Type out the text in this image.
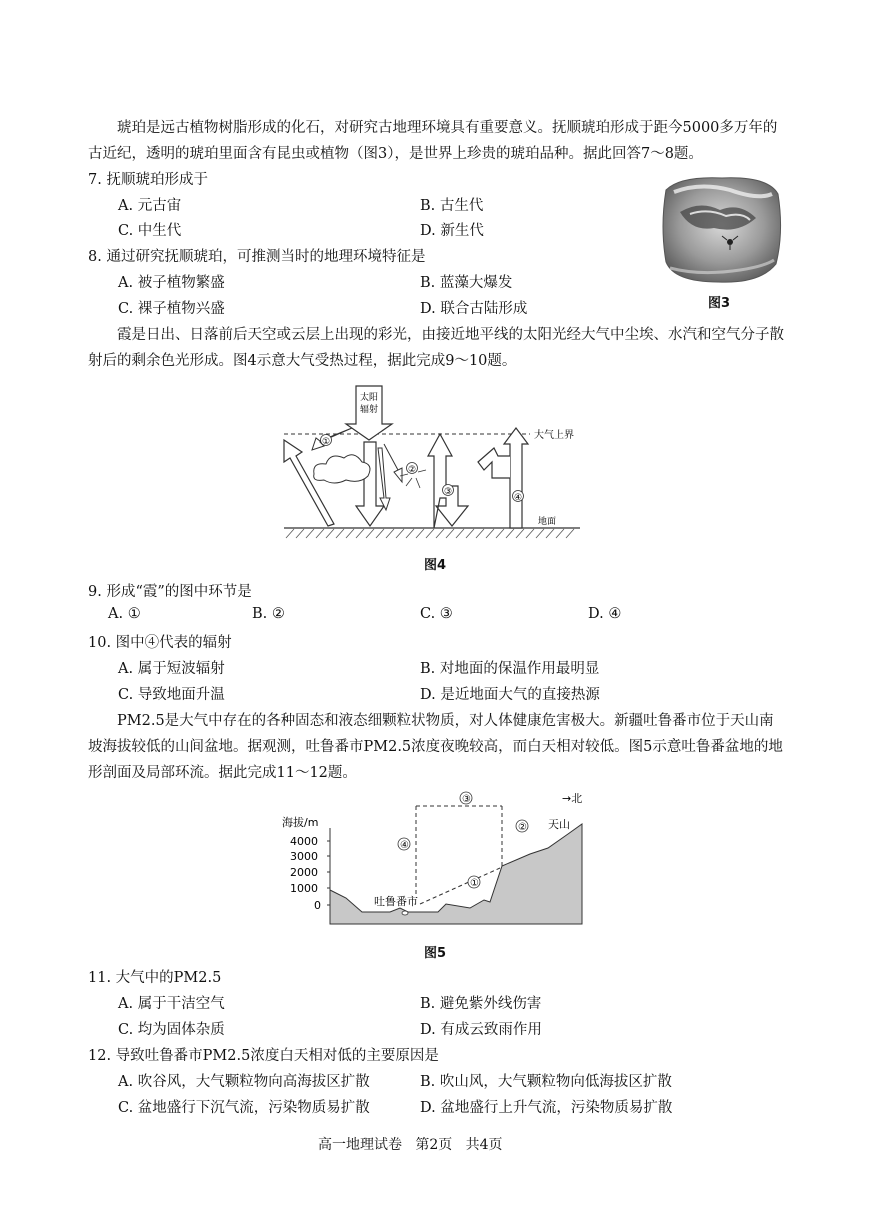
琥珀是远古植物树脂形成的化石，对研究古地理环境具有重要意义。抚顺琥珀形成于距今5000多万年的古近纪，透明的琥珀里面含有昆虫或植物（图3），是世界上珍贵的琥珀品种。据此回答7～8题。
7. 抚顺琥珀形成于
A. 元古宙	B. 古生代
C. 中生代	D. 新生代
8. 通过研究抚顺琥珀，可推测当时的地理环境特征是
A. 被子植物繁盛	B. 蓝藻大爆发
C. 裸子植物兴盛	D. 联合古陆形成	图3
霞是日出、日落前后天空或云层上出现的彩光，由接近地平线的太阳光经大气中尘埃、水汽和空气分子散射后的剩余色光形成。图4示意大气受热过程，据此完成9～10题。
大气上界
地面
太阳
辐射
①
②
③
④
图4
9. 形成“霞”的图中环节是
A. ①	B. ②	C. ③	D. ④
10. 图中④代表的辐射
A. 属于短波辐射	B. 对地面的保温作用最明显
C. 导致地面升温	D. 是近地面大气的直接热源
PM2.5是大气中存在的各种固态和液态细颗粒状物质，对人体健康危害极大。新疆吐鲁番市位于天山南坡海拔较低的山间盆地。据观测，吐鲁番市PM2.5浓度夜晚较高，而白天相对较低。图5示意吐鲁番盆地的地形剖面及局部环流。据此完成11～12题。
海拔/m
4000
3000
2000
1000
0	吐鲁番市
天山
→北
④
②
③
①
图5
11. 大气中的PM2.5
A. 属于干洁空气	B. 避免紫外线伤害
C. 均为固体杂质	D. 有成云致雨作用
12. 导致吐鲁番市PM2.5浓度白天相对低的主要原因是
A. 吹谷风，大气颗粒物向高海拔区扩散	B. 吹山风，大气颗粒物向低海拔区扩散
C. 盆地盛行下沉气流，污染物质易扩散	D. 盆地盛行上升气流，污染物质易扩散
高一地理试卷   第2页   共4页
